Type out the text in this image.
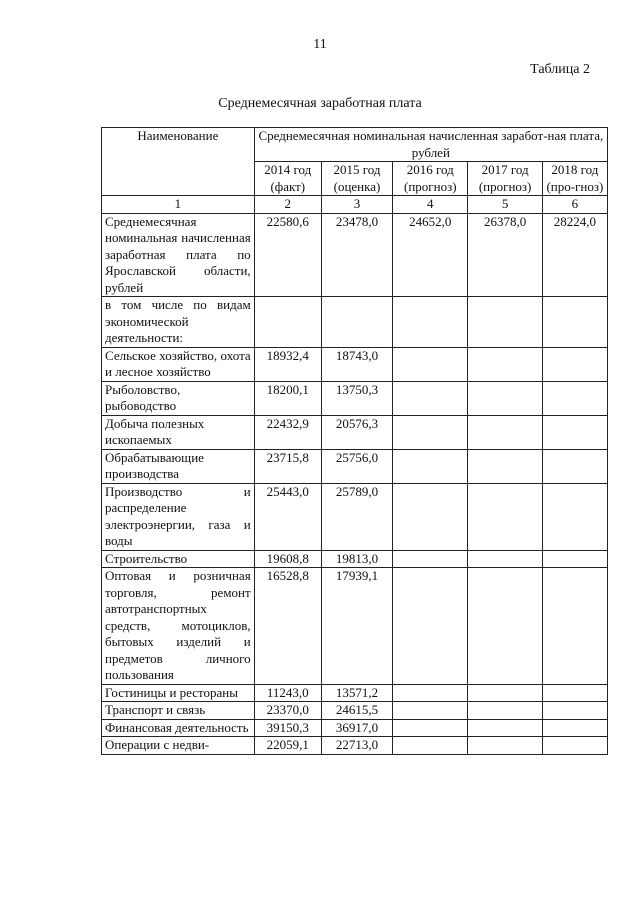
11
Таблица 2
Среднемесячная заработная плата
Наименование	Среднемесячная номинальная начисленная заработ-ная плата, рублей				
	2014 год (факт)	2015 год (оценка)	2016 год (прогноз)	2017 год (прогноз)	2018 год (про-гноз)
1	2	3	4	5	6
Среднемесячная номинальная начисленная заработная плата по Ярославской области, рублей	22580,6	23478,0	24652,0	26378,0	28224,0
в том числе по видам экономической деятельности:					
Сельское хозяйство, охота и лесное хозяйство	18932,4	18743,0			
Рыболовство, рыбоводство	18200,1	13750,3			
Добыча полезных ископаемых	22432,9	20576,3			
Обрабатывающие производства	23715,8	25756,0			
Производство и распределение электроэнергии, газа и воды	25443,0	25789,0			
Строительство	19608,8	19813,0			
Оптовая и розничная торговля, ремонт автотранспортных средств, мотоциклов, бытовых изделий и предметов личного пользования	16528,8	17939,1			
Гостиницы и рестораны	11243,0	13571,2			
Транспорт и связь	23370,0	24615,5			
Финансовая деятельность	39150,3	36917,0			
Операции с недви-	22059,1	22713,0			
